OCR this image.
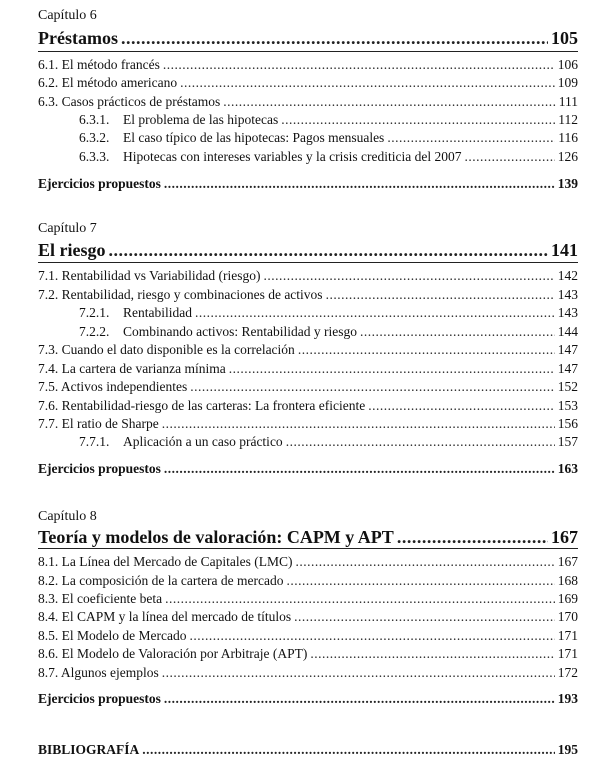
Capítulo 6
Préstamos .....	105
6.1. El método francés .....	106
6.2. El método americano .....	109
6.3. Casos prácticos de préstamos .....	111
6.3.1. El problema de las hipotecas .....	112
6.3.2. El caso típico de las hipotecas: Pagos mensuales .....	116
6.3.3. Hipotecas con intereses variables y la crisis crediticia del 2007 .....	126
Ejercicios propuestos .....	139
Capítulo 7
El riesgo .....	141
7.1. Rentabilidad vs Variabilidad (riesgo) .....	142
7.2. Rentabilidad, riesgo y combinaciones de activos .....	143
7.2.1. Rentabilidad .....	143
7.2.2. Combinando activos: Rentabilidad y riesgo .....	144
7.3. Cuando el dato disponible es la correlación .....	147
7.4. La cartera de varianza mínima .....	147
7.5. Activos independientes .....	152
7.6. Rentabilidad-riesgo de las carteras: La frontera eficiente .....	153
7.7. El ratio de Sharpe .....	156
7.7.1. Aplicación a un caso práctico .....	157
Ejercicios propuestos .....	163
Capítulo 8
Teoría y modelos de valoración: CAPM y APT .....	167
8.1. La Línea del Mercado de Capitales (LMC) .....	167
8.2. La composición de la cartera de mercado .....	168
8.3. El coeficiente beta .....	169
8.4. El CAPM y la línea del mercado de títulos .....	170
8.5. El Modelo de Mercado .....	171
8.6. El Modelo de Valoración por Arbitraje (APT) .....	171
8.7. Algunos ejemplos .....	172
Ejercicios propuestos .....	193
BIBLIOGRAFÍA .....	195
